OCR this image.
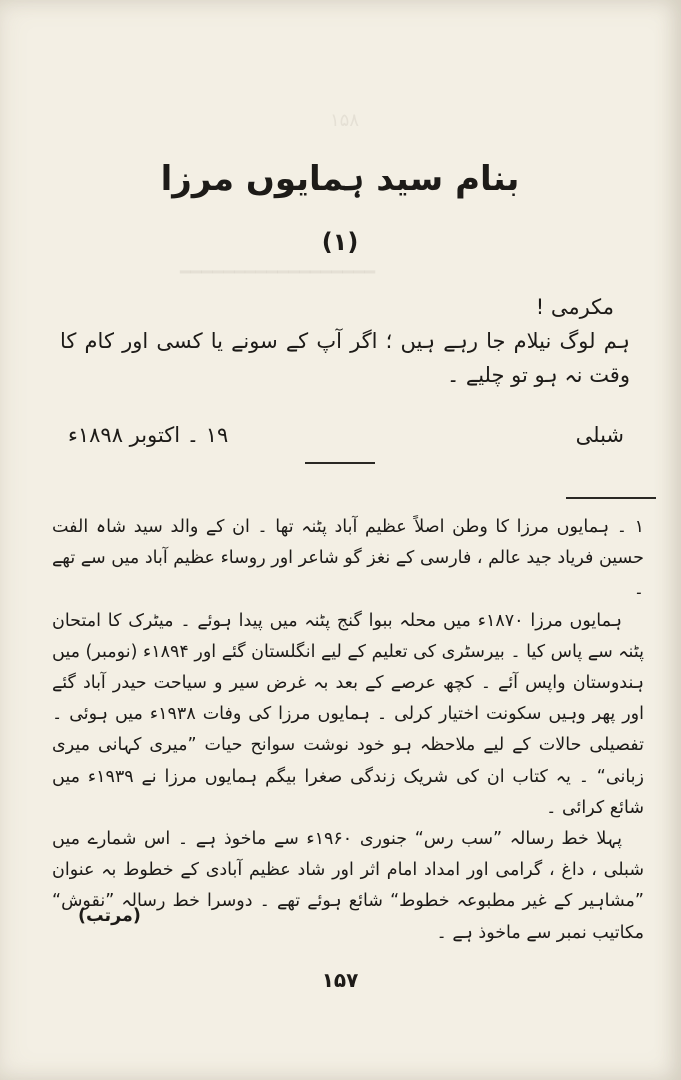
۱۵۸
━━━━━━━━━━━━━━━━━━
بنام سید ہمایوں مرزا
(۱)
مکرمی !
ہم لوگ نیلام جا رہے ہیں ؛ اگر آپ کے سونے یا کسی اور کام کا وقت نہ ہو تو چلیے ۔
۱۹ ۔ اکتوبر ۱۸۹۸ء	شبلی

۱ ۔ ہمایوں مرزا کا وطن اصلاً عظیم آباد پٹنہ تھا ۔ ان کے والد سید شاہ الفت حسین فریاد جید عالم ، فارسی کے نغز گو شاعر اور روساء عظیم آباد میں سے تھے ۔

ہمایوں مرزا ۱۸۷۰ء میں محلہ ببوا گنج پٹنہ میں پیدا ہوئے ۔ میٹرک کا امتحان پٹنہ سے پاس کیا ۔ بیرسٹری کی تعلیم کے لیے انگلستان گئے اور ۱۸۹۴ء (نومبر) میں ہندوستان واپس آئے ۔ کچھ عرصے کے بعد بہ غرض سیر و سیاحت حیدر آباد گئے اور پھر وہیں سکونت اختیار کرلی ۔ ہمایوں مرزا کی وفات ۱۹۳۸ء میں ہوئی ۔ تفصیلی حالات کے لیے ملاحظہ ہو خود نوشت سوانح حیات ”میری کہانی میری زبانی“ ۔ یہ کتاب ان کی شریک زندگی صغرا بیگم ہمایوں مرزا نے ۱۹۳۹ء میں شائع کرائی ۔

پہلا خط رسالہ ”سب رس“ جنوری ۱۹۶۰ء سے ماخوذ ہے ۔ اس شمارے میں شبلی ، داغ ، گرامی اور امداد امام اثر اور شاد عظیم آبادی کے خطوط بہ عنوان ”مشاہیر کے غیر مطبوعہ خطوط“ شائع ہوئے تھے ۔ دوسرا خط رسالہ ”نقوش“ مکاتیب نمبر سے ماخوذ ہے ۔

(مرتب)
۱۵۷
